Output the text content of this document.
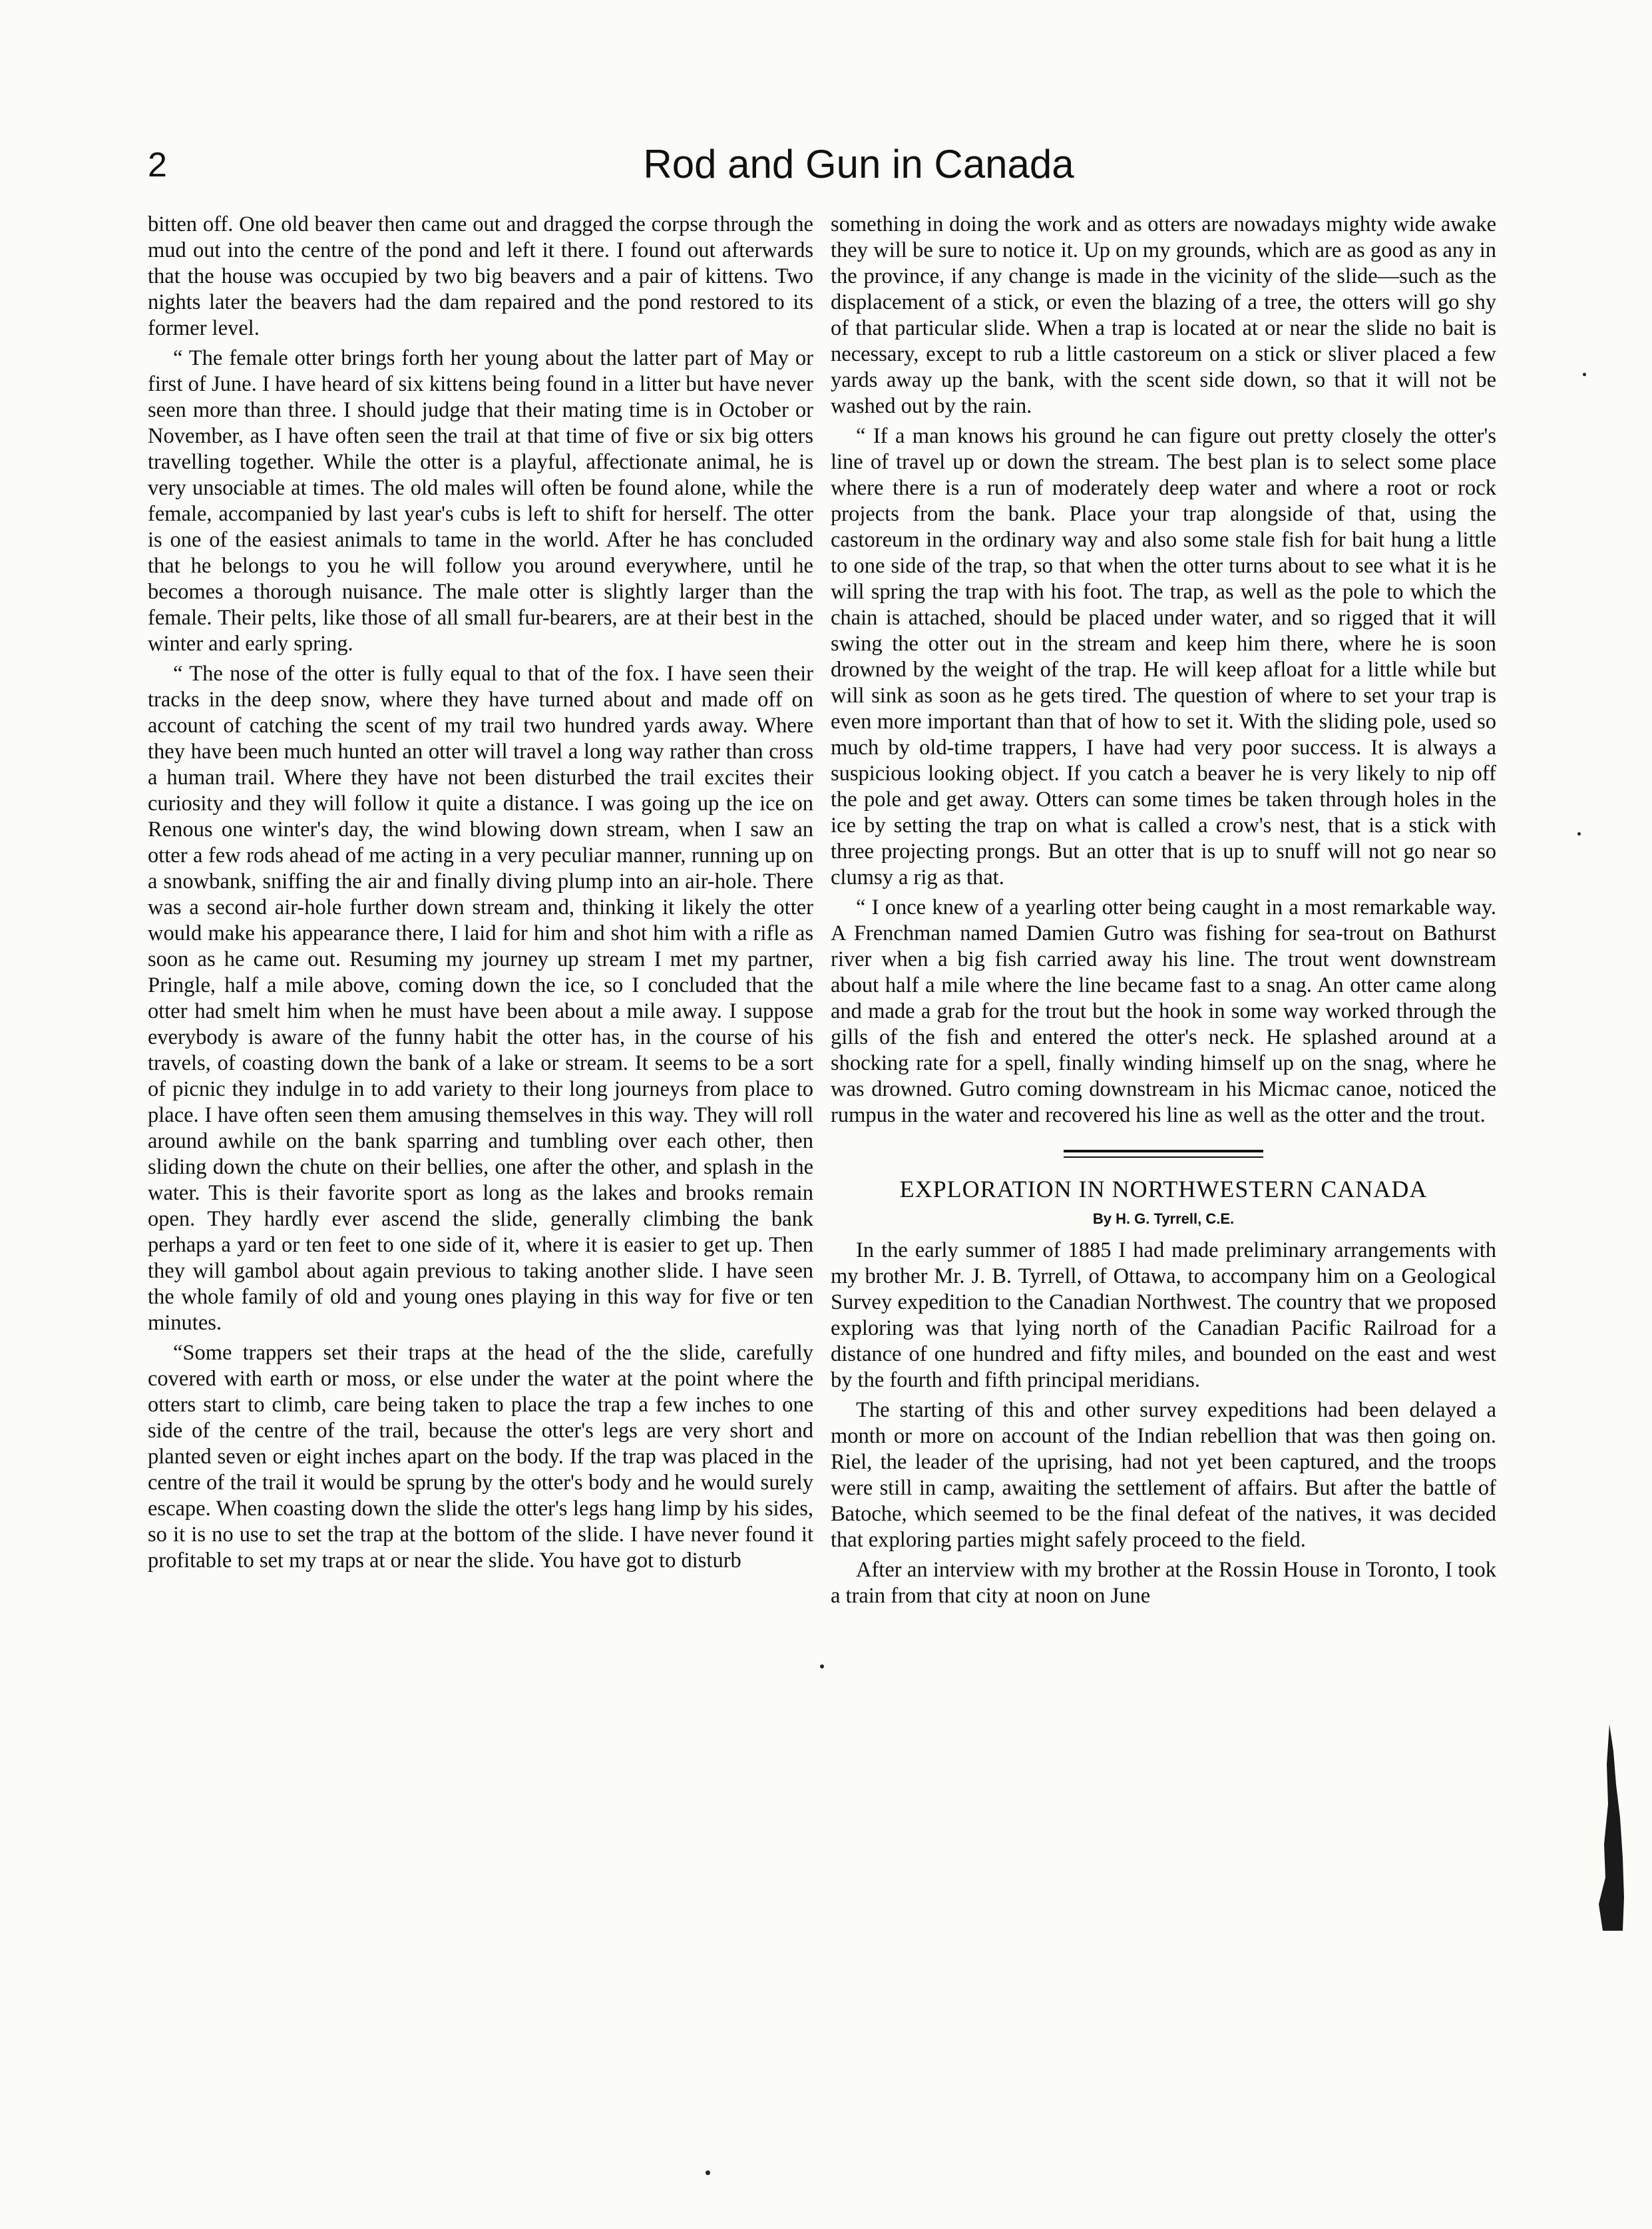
2	Rod and Gun in Canada

bitten off. One old beaver then came out and dragged the corpse through the mud out into the centre of the pond and left it there. I found out afterwards that the house was occupied by two big beavers and a pair of kittens. Two nights later the beavers had the dam repaired and the pond restored to its former level.

“ The female otter brings forth her young about the latter part of May or first of June. I have heard of six kittens being found in a litter but have never seen more than three. I should judge that their mating time is in October or November, as I have often seen the trail at that time of five or six big otters travelling together. While the otter is a playful, affectionate animal, he is very unsociable at times. The old males will often be found alone, while the female, accompanied by last year's cubs is left to shift for herself. The otter is one of the easiest animals to tame in the world. After he has concluded that he belongs to you he will follow you around everywhere, until he becomes a thorough nuisance. The male otter is slightly larger than the female. Their pelts, like those of all small fur-bearers, are at their best in the winter and early spring.

“ The nose of the otter is fully equal to that of the fox. I have seen their tracks in the deep snow, where they have turned about and made off on account of catching the scent of my trail two hundred yards away. Where they have been much hunted an otter will travel a long way rather than cross a human trail. Where they have not been disturbed the trail excites their curiosity and they will follow it quite a distance. I was going up the ice on Renous one winter's day, the wind blowing down stream, when I saw an otter a few rods ahead of me acting in a very peculiar manner, running up on a snowbank, sniffing the air and finally diving plump into an air-hole. There was a second air-hole further down stream and, thinking it likely the otter would make his appearance there, I laid for him and shot him with a rifle as soon as he came out. Resuming my journey up stream I met my partner, Pringle, half a mile above, coming down the ice, so I concluded that the otter had smelt him when he must have been about a mile away. I suppose everybody is aware of the funny habit the otter has, in the course of his travels, of coasting down the bank of a lake or stream. It seems to be a sort of picnic they indulge in to add variety to their long journeys from place to place. I have often seen them amusing themselves in this way. They will roll around awhile on the bank sparring and tumbling over each other, then sliding down the chute on their bellies, one after the other, and splash in the water. This is their favorite sport as long as the lakes and brooks remain open. They hardly ever ascend the slide, generally climbing the bank perhaps a yard or ten feet to one side of it, where it is easier to get up. Then they will gambol about again previous to taking another slide. I have seen the whole family of old and young ones playing in this way for five or ten minutes.

“Some trappers set their traps at the head of the the slide, carefully covered with earth or moss, or else under the water at the point where the otters start to climb, care being taken to place the trap a few inches to one side of the centre of the trail, because the otter's legs are very short and planted seven or eight inches apart on the body. If the trap was placed in the centre of the trail it would be sprung by the otter's body and he would surely escape. When coasting down the slide the otter's legs hang limp by his sides, so it is no use to set the trap at the bottom of the slide. I have never found it profitable to set my traps at or near the slide. You have got to disturb

something in doing the work and as otters are nowadays mighty wide awake they will be sure to notice it. Up on my grounds, which are as good as any in the province, if any change is made in the vicinity of the slide—such as the displacement of a stick, or even the blazing of a tree, the otters will go shy of that particular slide. When a trap is located at or near the slide no bait is necessary, except to rub a little castoreum on a stick or sliver placed a few yards away up the bank, with the scent side down, so that it will not be washed out by the rain.

“ If a man knows his ground he can figure out pretty closely the otter's line of travel up or down the stream. The best plan is to select some place where there is a run of moderately deep water and where a root or rock projects from the bank. Place your trap alongside of that, using the castoreum in the ordinary way and also some stale fish for bait hung a little to one side of the trap, so that when the otter turns about to see what it is he will spring the trap with his foot. The trap, as well as the pole to which the chain is attached, should be placed under water, and so rigged that it will swing the otter out in the stream and keep him there, where he is soon drowned by the weight of the trap. He will keep afloat for a little while but will sink as soon as he gets tired. The question of where to set your trap is even more important than that of how to set it. With the sliding pole, used so much by old-time trappers, I have had very poor success. It is always a suspicious looking object. If you catch a beaver he is very likely to nip off the pole and get away. Otters can some times be taken through holes in the ice by setting the trap on what is called a crow's nest, that is a stick with three projecting prongs. But an otter that is up to snuff will not go near so clumsy a rig as that.

“ I once knew of a yearling otter being caught in a most remarkable way. A Frenchman named Damien Gutro was fishing for sea-trout on Bathurst river when a big fish carried away his line. The trout went downstream about half a mile where the line became fast to a snag. An otter came along and made a grab for the trout but the hook in some way worked through the gills of the fish and entered the otter's neck. He splashed around at a shocking rate for a spell, finally winding himself up on the snag, where he was drowned. Gutro coming downstream in his Micmac canoe, noticed the rumpus in the water and recovered his line as well as the otter and the trout.

EXPLORATION IN NORTHWESTERN CANADA
By H. G. Tyrrell, C.E.

In the early summer of 1885 I had made preliminary arrangements with my brother Mr. J. B. Tyrrell, of Ottawa, to accompany him on a Geological Survey expedition to the Canadian Northwest. The country that we proposed exploring was that lying north of the Canadian Pacific Railroad for a distance of one hundred and fifty miles, and bounded on the east and west by the fourth and fifth principal meridians.

The starting of this and other survey expeditions had been delayed a month or more on account of the Indian rebellion that was then going on. Riel, the leader of the uprising, had not yet been captured, and the troops were still in camp, awaiting the settlement of affairs. But after the battle of Batoche, which seemed to be the final defeat of the natives, it was decided that exploring parties might safely proceed to the field.

After an interview with my brother at the Rossin House in Toronto, I took a train from that city at noon on June
